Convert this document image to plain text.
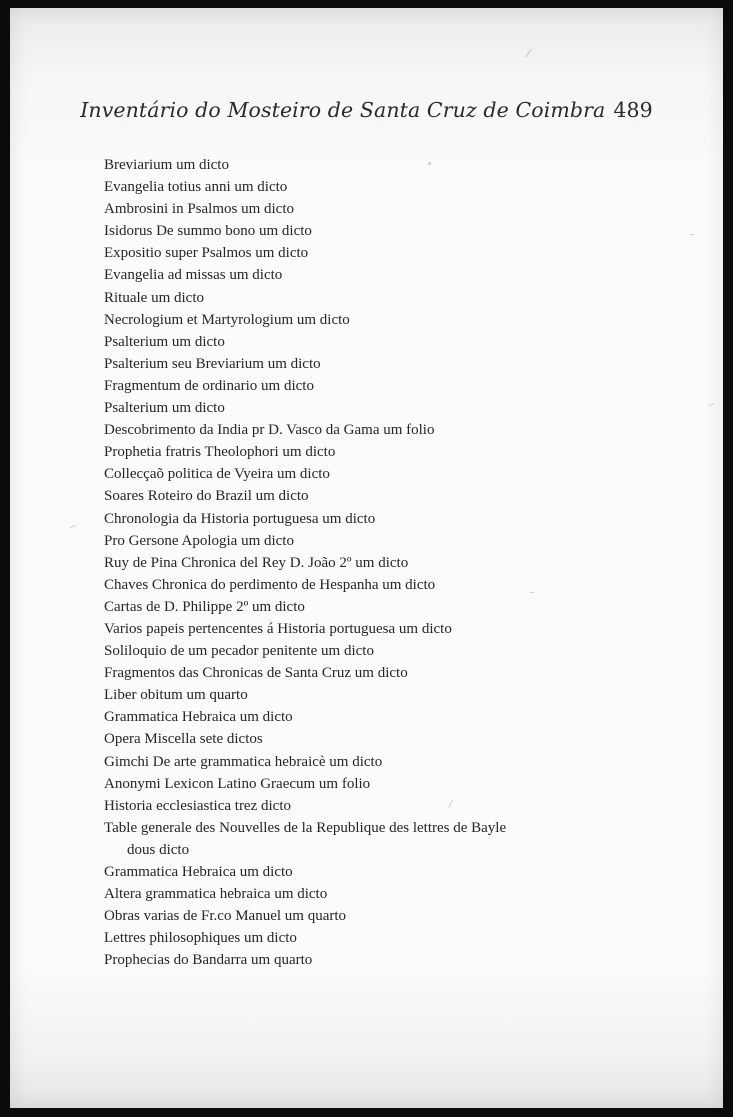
Inventário do Mosteiro de Santa Cruz de Coimbra 489
Breviarium um dicto
Evangelia totius anni um dicto
Ambrosini in Psalmos um dicto
Isidorus De summo bono um dicto
Expositio super Psalmos um dicto
Evangelia ad missas um dicto
Rituale um dicto
Necrologium et Martyrologium um dicto
Psalterium um dicto
Psalterium seu Breviarium um dicto
Fragmentum de ordinario um dicto
Psalterium um dicto
Descobrimento da India pr D. Vasco da Gama um folio
Prophetia fratris Theolophori um dicto
Collecçaõ politica de Vyeira um dicto
Soares Roteiro do Brazil um dicto
Chronologia da Historia portuguesa um dicto
Pro Gersone Apologia um dicto
Ruy de Pina Chronica del Rey D. João 2º um dicto
Chaves Chronica do perdimento de Hespanha um dicto
Cartas de D. Philippe 2º um dicto
Varios papeis pertencentes á Historia portuguesa um dicto
Soliloquio de um pecador penitente um dicto
Fragmentos das Chronicas de Santa Cruz um dicto
Liber obitum um quarto
Grammatica Hebraica um dicto
Opera Miscella sete dictos
Gimchi De arte grammatica hebraicè um dicto
Anonymi Lexicon Latino Graecum um folio
Historia ecclesiastica trez dicto
Table generale des Nouvelles de la Republique des lettres de Bayle
dous dicto
Grammatica Hebraica um dicto
Altera grammatica hebraica um dicto
Obras varias de Fr.co Manuel um quarto
Lettres philosophiques um dicto
Prophecias do Bandarra um quarto
